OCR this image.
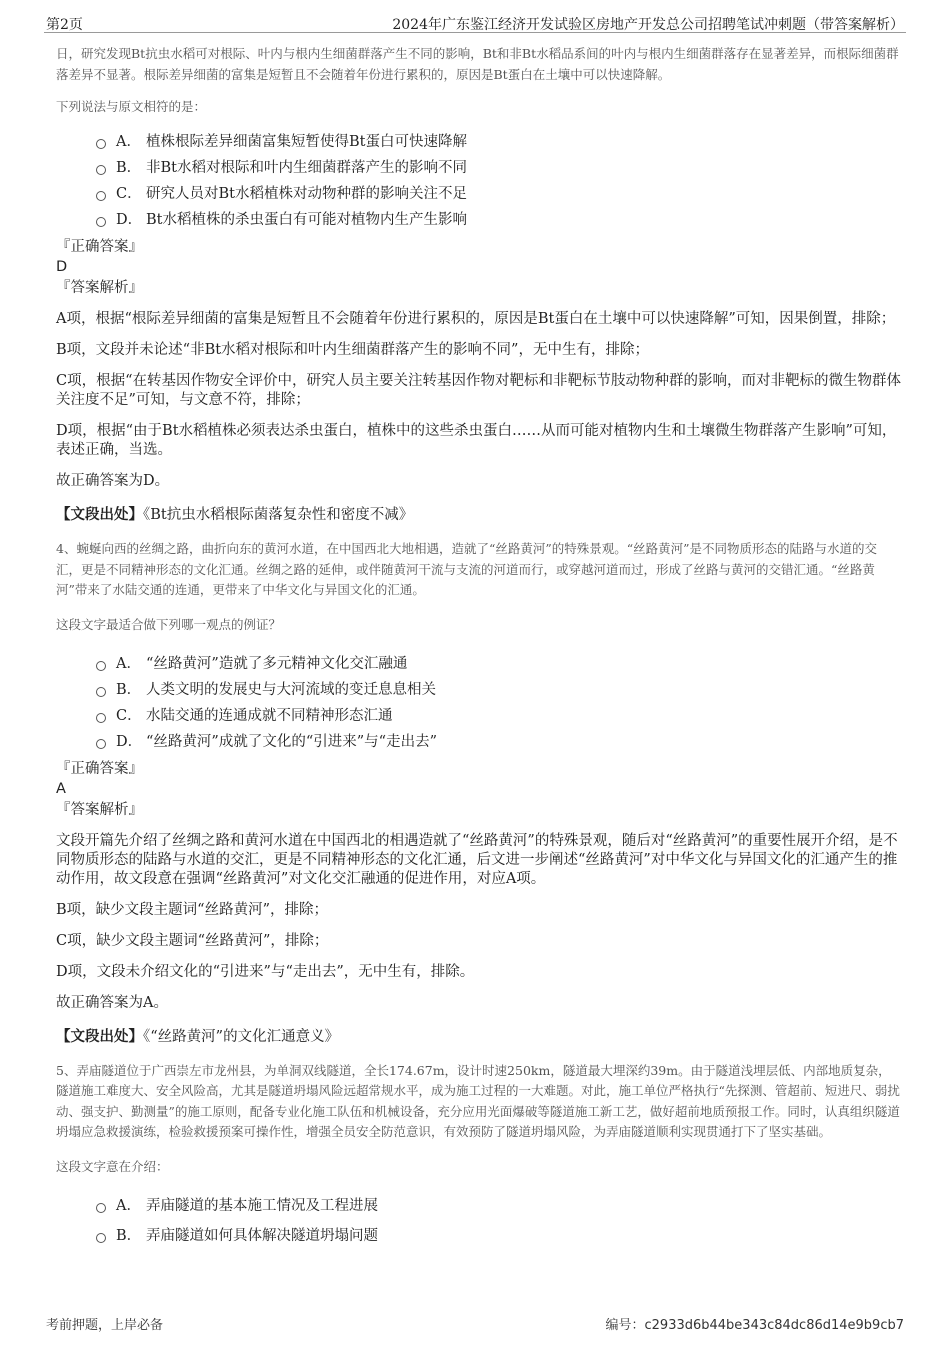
第2页	2024年广东鉴江经济开发试验区房地产开发总公司招聘笔试冲刺题（带答案解析）

日，研究发现Bt抗虫水稻可对根际、叶内与根内生细菌群落产生不同的影响，Bt和非Bt水稻品系间的叶内与根内生细菌群落存在显著差异，而根际细菌群落差异不显著。根际差异细菌的富集是短暂且不会随着年份进行累积的，原因是Bt蛋白在土壤中可以快速降解。

下列说法与原文相符的是：

A． 植株根际差异细菌富集短暂使得Bt蛋白可快速降解
B． 非Bt水稻对根际和叶内生细菌群落产生的影响不同
C． 研究人员对Bt水稻植株对动物种群的影响关注不足
D． Bt水稻植株的杀虫蛋白有可能对植物内生产生影响

『正确答案』

D

『答案解析』

A项，根据“根际差异细菌的富集是短暂且不会随着年份进行累积的，原因是Bt蛋白在土壤中可以快速降解”可知，因果倒置，排除；

B项，文段并未论述“非Bt水稻对根际和叶内生细菌群落产生的影响不同”，无中生有，排除；

C项，根据“在转基因作物安全评价中，研究人员主要关注转基因作物对靶标和非靶标节肢动物种群的影响，而对非靶标的微生物群体关注度不足”可知，与文意不符，排除；

D项，根据“由于Bt水稻植株必须表达杀虫蛋白，植株中的这些杀虫蛋白……从而可能对植物内生和土壤微生物群落产生影响”可知，表述正确，当选。

故正确答案为D。

【文段出处】《Bt抗虫水稻根际菌落复杂性和密度不减》

4、蜿蜒向西的丝绸之路，曲折向东的黄河水道，在中国西北大地相遇，造就了“丝路黄河”的特殊景观。“丝路黄河”是不同物质形态的陆路与水道的交汇，更是不同精神形态的文化汇通。丝绸之路的延伸，或伴随黄河干流与支流的河道而行，或穿越河道而过，形成了丝路与黄河的交错汇通。“丝路黄河”带来了水陆交通的连通，更带来了中华文化与异国文化的汇通。

这段文字最适合做下列哪一观点的例证？

A． “丝路黄河”造就了多元精神文化交汇融通
B． 人类文明的发展史与大河流域的变迁息息相关
C． 水陆交通的连通成就不同精神形态汇通
D． “丝路黄河”成就了文化的“引进来”与“走出去”

『正确答案』

A

『答案解析』

文段开篇先介绍了丝绸之路和黄河水道在中国西北的相遇造就了“丝路黄河”的特殊景观，随后对“丝路黄河”的重要性展开介绍，是不同物质形态的陆路与水道的交汇，更是不同精神形态的文化汇通，后文进一步阐述“丝路黄河”对中华文化与异国文化的汇通产生的推动作用，故文段意在强调“丝路黄河”对文化交汇融通的促进作用，对应A项。

B项，缺少文段主题词“丝路黄河”，排除；

C项，缺少文段主题词“丝路黄河”，排除；

D项，文段未介绍文化的“引进来”与“走出去”，无中生有，排除。

故正确答案为A。

【文段出处】《“丝路黄河”的文化汇通意义》

5、弄庙隧道位于广西崇左市龙州县，为单洞双线隧道，全长174.67m，设计时速250km，隧道最大埋深约39m。由于隧道浅埋层低、内部地质复杂，隧道施工难度大、安全风险高，尤其是隧道坍塌风险远超常规水平，成为施工过程的一大难题。对此，施工单位严格执行“先探测、管超前、短进尺、弱扰动、强支护、勤测量”的施工原则，配备专业化施工队伍和机械设备，充分应用光面爆破等隧道施工新工艺，做好超前地质预报工作。同时，认真组织隧道坍塌应急救援演练，检验救援预案可操作性，增强全员安全防范意识，有效预防了隧道坍塌风险，为弄庙隧道顺利实现贯通打下了坚实基础。

这段文字意在介绍：

A． 弄庙隧道的基本施工情况及工程进展
B． 弄庙隧道如何具体解决隧道坍塌问题
考前押题，上岸必备	编号：c2933d6b44be343c84dc86d14e9b9cb7
